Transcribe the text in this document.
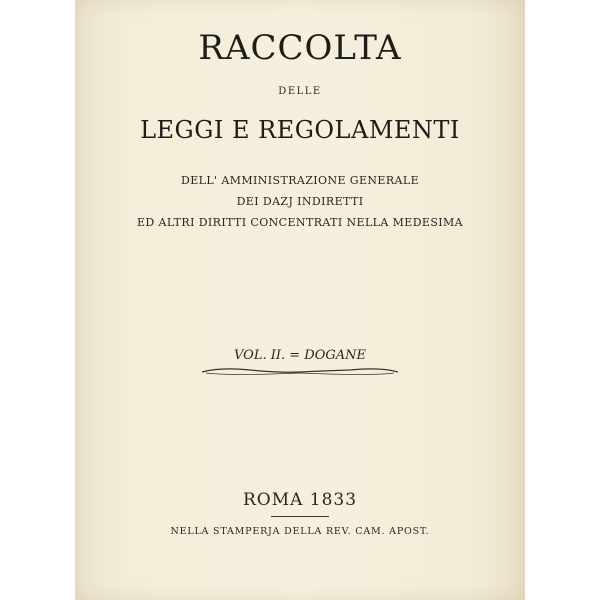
RACCOLTA
DELLE
LEGGI E REGOLAMENTI
DELL' AMMINISTRAZIONE GENERALE
DEI DAZJ INDIRETTI
ED ALTRI DIRITTI CONCENTRATI NELLA MEDESIMA
VOL. II. = DOGANE
ROMA 1833
NELLA STAMPERJA DELLA REV. CAM. APOST.
